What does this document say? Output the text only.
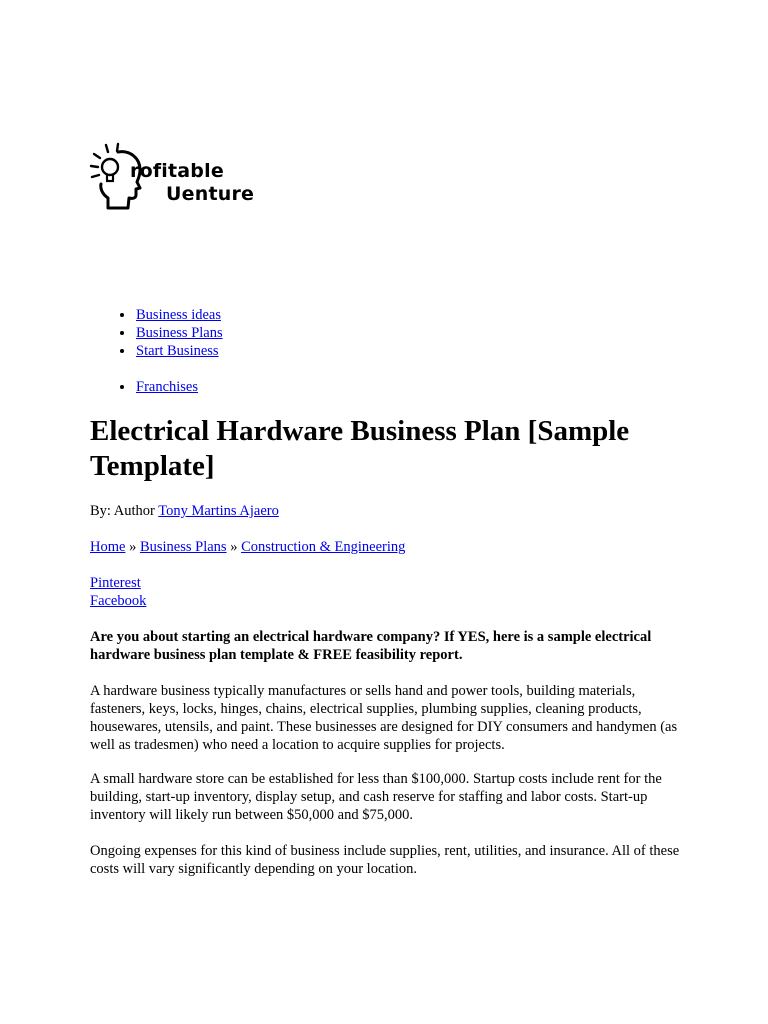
rofitable
Uenture
• Business ideas
• Business Plans
• Start Business
• Franchises
Electrical Hardware Business Plan [Sample Template]

By: Author Tony Martins Ajaero

Home » Business Plans » Construction & Engineering

Pinterest
Facebook

Are you about starting an electrical hardware company? If YES, here is a sample electrical hardware business plan template & FREE feasibility report.

A hardware business typically manufactures or sells hand and power tools, building materials, fasteners, keys, locks, hinges, chains, electrical supplies, plumbing supplies, cleaning products, housewares, utensils, and paint. These businesses are designed for DIY consumers and handymen (as well as tradesmen) who need a location to acquire supplies for projects.

A small hardware store can be established for less than $100,000. Startup costs include rent for the building, start-up inventory, display setup, and cash reserve for staffing and labor costs. Start-up inventory will likely run between $50,000 and $75,000.

Ongoing expenses for this kind of business include supplies, rent, utilities, and insurance. All of these costs will vary significantly depending on your location.
